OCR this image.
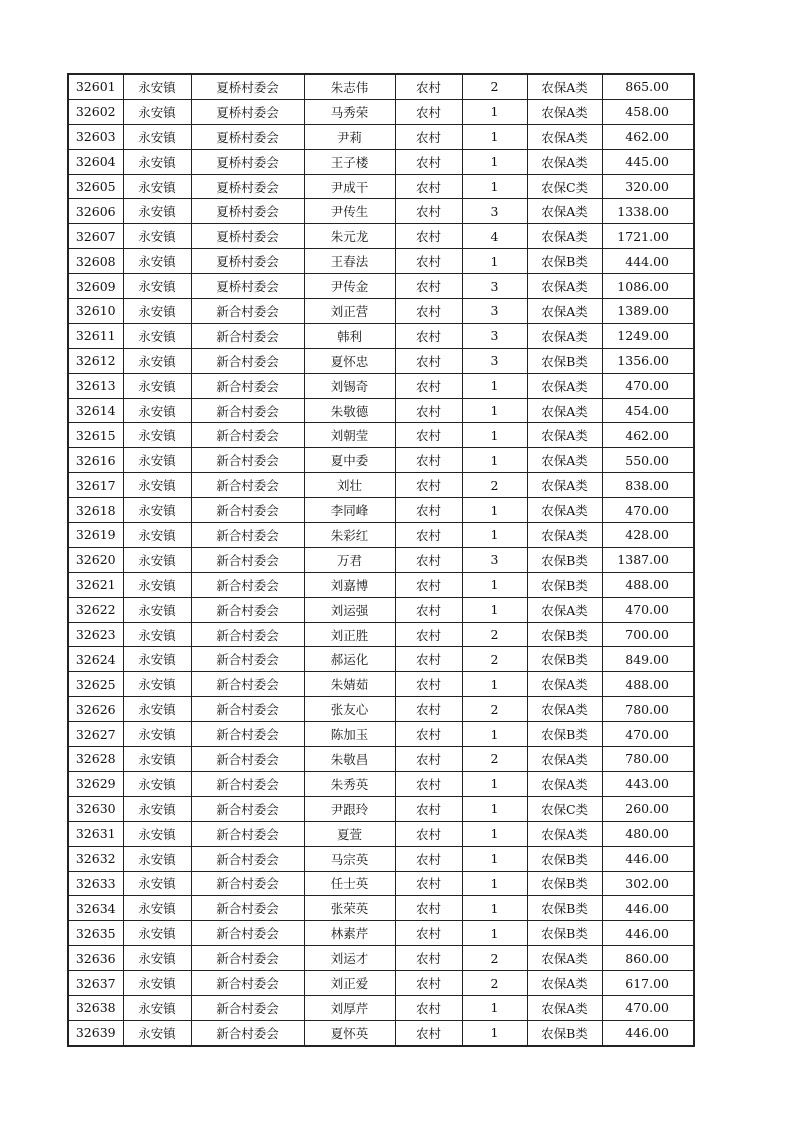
32601	永安镇	夏桥村委会	朱志伟	农村	2	农保A类	865.00
32602	永安镇	夏桥村委会	马秀荣	农村	1	农保A类	458.00
32603	永安镇	夏桥村委会	尹莉	农村	1	农保A类	462.00
32604	永安镇	夏桥村委会	王子楼	农村	1	农保A类	445.00
32605	永安镇	夏桥村委会	尹成干	农村	1	农保C类	320.00
32606	永安镇	夏桥村委会	尹传生	农村	3	农保A类	1338.00
32607	永安镇	夏桥村委会	朱元龙	农村	4	农保A类	1721.00
32608	永安镇	夏桥村委会	王春法	农村	1	农保B类	444.00
32609	永安镇	夏桥村委会	尹传金	农村	3	农保A类	1086.00
32610	永安镇	新合村委会	刘正营	农村	3	农保A类	1389.00
32611	永安镇	新合村委会	韩利	农村	3	农保A类	1249.00
32612	永安镇	新合村委会	夏怀忠	农村	3	农保B类	1356.00
32613	永安镇	新合村委会	刘锡奇	农村	1	农保A类	470.00
32614	永安镇	新合村委会	朱敬德	农村	1	农保A类	454.00
32615	永安镇	新合村委会	刘朝莹	农村	1	农保A类	462.00
32616	永安镇	新合村委会	夏中委	农村	1	农保A类	550.00
32617	永安镇	新合村委会	刘壮	农村	2	农保A类	838.00
32618	永安镇	新合村委会	李同峰	农村	1	农保A类	470.00
32619	永安镇	新合村委会	朱彩红	农村	1	农保A类	428.00
32620	永安镇	新合村委会	万君	农村	3	农保B类	1387.00
32621	永安镇	新合村委会	刘嘉博	农村	1	农保B类	488.00
32622	永安镇	新合村委会	刘运强	农村	1	农保A类	470.00
32623	永安镇	新合村委会	刘正胜	农村	2	农保B类	700.00
32624	永安镇	新合村委会	郝运化	农村	2	农保B类	849.00
32625	永安镇	新合村委会	朱婧茹	农村	1	农保A类	488.00
32626	永安镇	新合村委会	张友心	农村	2	农保A类	780.00
32627	永安镇	新合村委会	陈加玉	农村	1	农保B类	470.00
32628	永安镇	新合村委会	朱敬昌	农村	2	农保A类	780.00
32629	永安镇	新合村委会	朱秀英	农村	1	农保A类	443.00
32630	永安镇	新合村委会	尹跟玲	农村	1	农保C类	260.00
32631	永安镇	新合村委会	夏萱	农村	1	农保A类	480.00
32632	永安镇	新合村委会	马宗英	农村	1	农保B类	446.00
32633	永安镇	新合村委会	任士英	农村	1	农保B类	302.00
32634	永安镇	新合村委会	张荣英	农村	1	农保B类	446.00
32635	永安镇	新合村委会	林素芹	农村	1	农保B类	446.00
32636	永安镇	新合村委会	刘运才	农村	2	农保A类	860.00
32637	永安镇	新合村委会	刘正爱	农村	2	农保A类	617.00
32638	永安镇	新合村委会	刘厚芹	农村	1	农保A类	470.00
32639	永安镇	新合村委会	夏怀英	农村	1	农保B类	446.00
